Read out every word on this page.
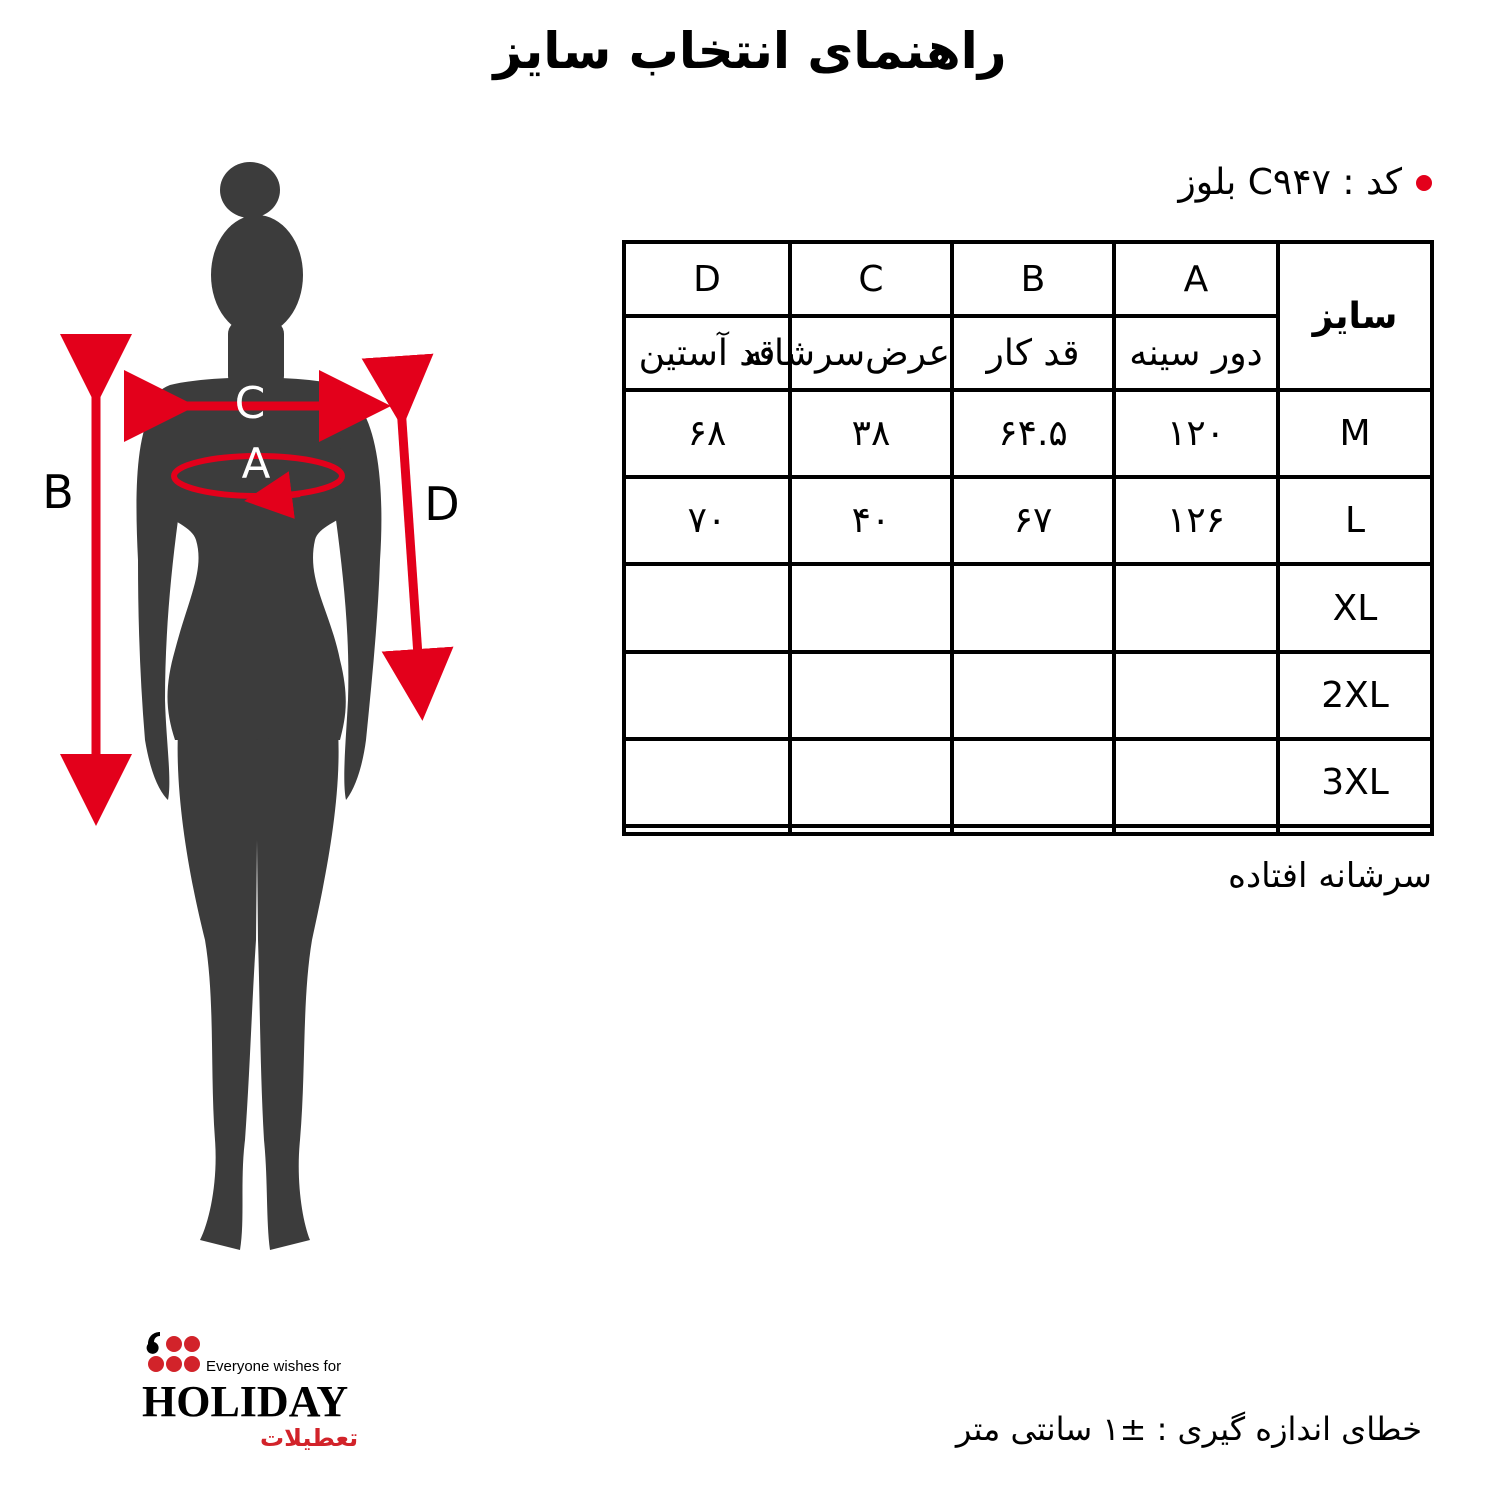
راهنمای انتخاب سایز
C
A
B	D
کد : C۹۴۷ بلوز
D	C	B	A	سایز
قد آستین	عرض‌سرشانه	قد کار	دور سینه	
۶۸	۳۸	۶۴.۵	۱۲۰	M
۷۰	۴۰	۶۷	۱۲۶	L
				XL
				2XL
				3XL

سرشانه افتاده
Everyone wishes for
HOLIDAY
تعطیلات	خطای اندازه گیری : ±۱ سانتی متر
